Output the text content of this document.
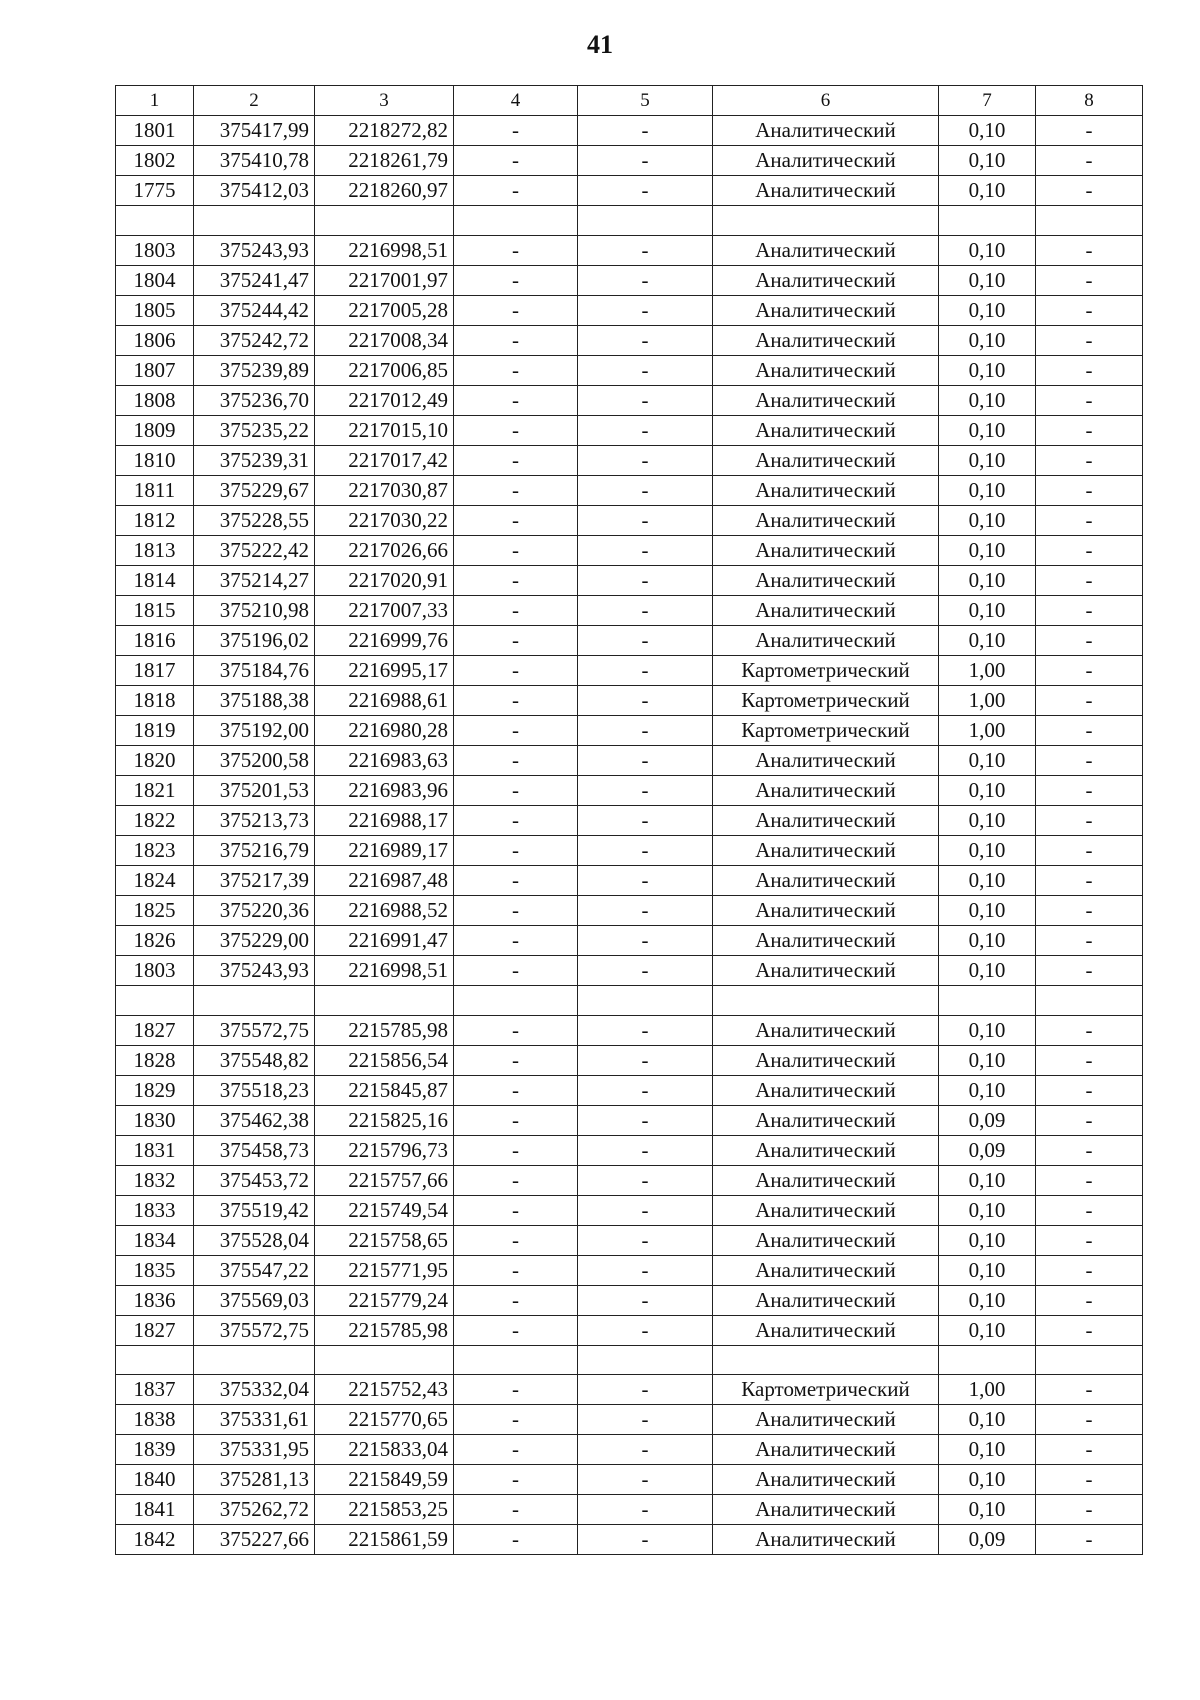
41
1	2	3	4	5	6	7	8
1801	375417,99	2218272,82	-	-	Аналитический	0,10	-
1802	375410,78	2218261,79	-	-	Аналитический	0,10	-
1775	375412,03	2218260,97	-	-	Аналитический	0,10	-

1803	375243,93	2216998,51	-	-	Аналитический	0,10	-
1804	375241,47	2217001,97	-	-	Аналитический	0,10	-
1805	375244,42	2217005,28	-	-	Аналитический	0,10	-
1806	375242,72	2217008,34	-	-	Аналитический	0,10	-
1807	375239,89	2217006,85	-	-	Аналитический	0,10	-
1808	375236,70	2217012,49	-	-	Аналитический	0,10	-
1809	375235,22	2217015,10	-	-	Аналитический	0,10	-
1810	375239,31	2217017,42	-	-	Аналитический	0,10	-
1811	375229,67	2217030,87	-	-	Аналитический	0,10	-
1812	375228,55	2217030,22	-	-	Аналитический	0,10	-
1813	375222,42	2217026,66	-	-	Аналитический	0,10	-
1814	375214,27	2217020,91	-	-	Аналитический	0,10	-
1815	375210,98	2217007,33	-	-	Аналитический	0,10	-
1816	375196,02	2216999,76	-	-	Аналитический	0,10	-
1817	375184,76	2216995,17	-	-	Картометрический	1,00	-
1818	375188,38	2216988,61	-	-	Картометрический	1,00	-
1819	375192,00	2216980,28	-	-	Картометрический	1,00	-
1820	375200,58	2216983,63	-	-	Аналитический	0,10	-
1821	375201,53	2216983,96	-	-	Аналитический	0,10	-
1822	375213,73	2216988,17	-	-	Аналитический	0,10	-
1823	375216,79	2216989,17	-	-	Аналитический	0,10	-
1824	375217,39	2216987,48	-	-	Аналитический	0,10	-
1825	375220,36	2216988,52	-	-	Аналитический	0,10	-
1826	375229,00	2216991,47	-	-	Аналитический	0,10	-
1803	375243,93	2216998,51	-	-	Аналитический	0,10	-

1827	375572,75	2215785,98	-	-	Аналитический	0,10	-
1828	375548,82	2215856,54	-	-	Аналитический	0,10	-
1829	375518,23	2215845,87	-	-	Аналитический	0,10	-
1830	375462,38	2215825,16	-	-	Аналитический	0,09	-
1831	375458,73	2215796,73	-	-	Аналитический	0,09	-
1832	375453,72	2215757,66	-	-	Аналитический	0,10	-
1833	375519,42	2215749,54	-	-	Аналитический	0,10	-
1834	375528,04	2215758,65	-	-	Аналитический	0,10	-
1835	375547,22	2215771,95	-	-	Аналитический	0,10	-
1836	375569,03	2215779,24	-	-	Аналитический	0,10	-
1827	375572,75	2215785,98	-	-	Аналитический	0,10	-

1837	375332,04	2215752,43	-	-	Картометрический	1,00	-
1838	375331,61	2215770,65	-	-	Аналитический	0,10	-
1839	375331,95	2215833,04	-	-	Аналитический	0,10	-
1840	375281,13	2215849,59	-	-	Аналитический	0,10	-
1841	375262,72	2215853,25	-	-	Аналитический	0,10	-
1842	375227,66	2215861,59	-	-	Аналитический	0,09	-
